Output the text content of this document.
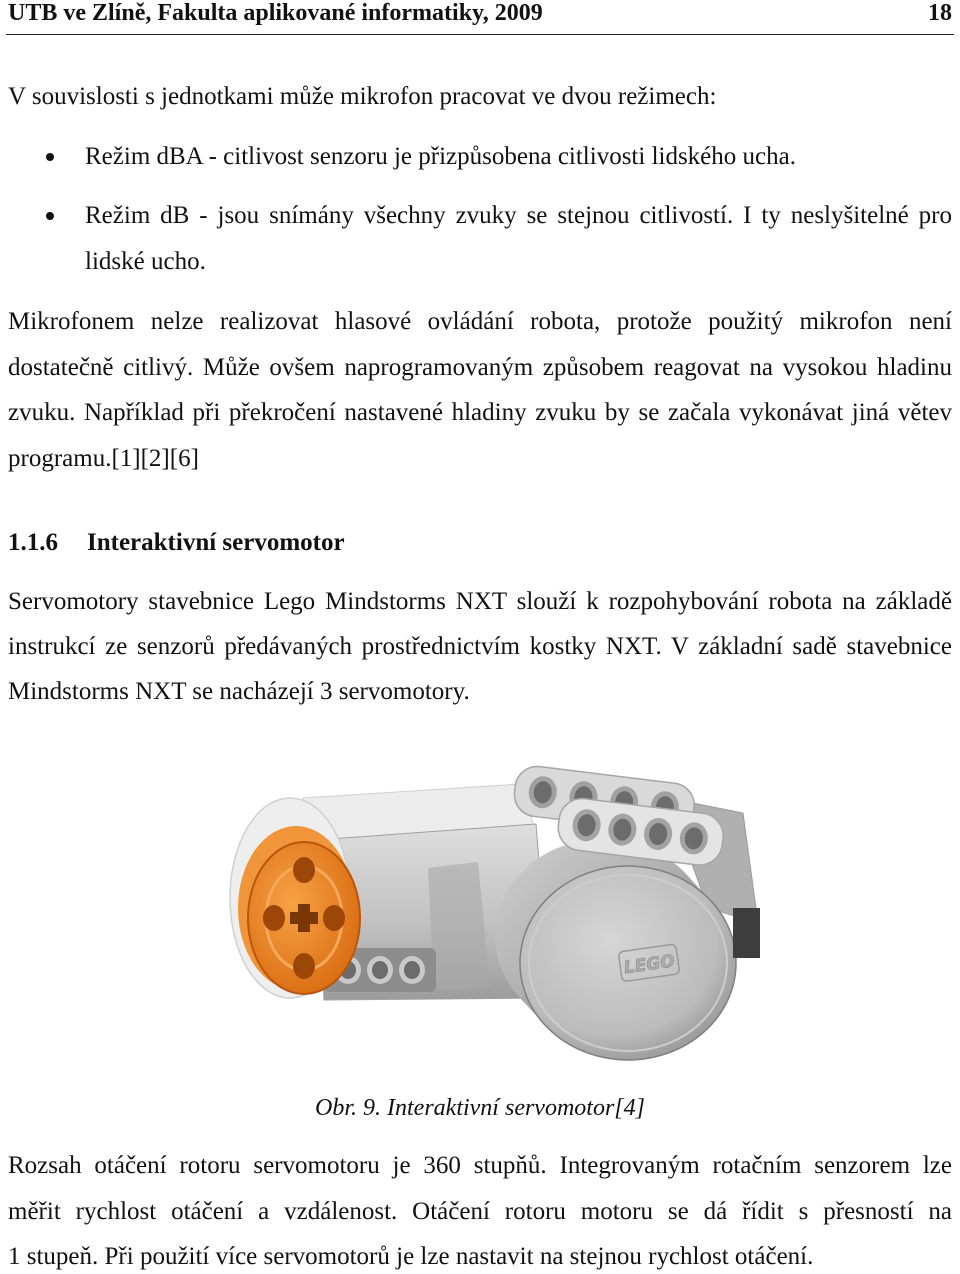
UTB ve Zlíně, Fakulta aplikované informatiky, 2009	18
V souvislosti s jednotkami může mikrofon pracovat ve dvou režimech:
Režim dBA - citlivost senzoru je přizpůsobena citlivosti lidského ucha.
Režim dB - jsou snímány všechny zvuky se stejnou citlivostí. I ty neslyšitelné pro
lidské ucho.
Mikrofonem nelze realizovat hlasové ovládání robota, protože použitý mikrofon není
dostatečně citlivý. Může ovšem naprogramovaným způsobem reagovat na vysokou hladinu
zvuku. Například při překročení nastavené hladiny zvuku by se začala vykonávat jiná větev
programu.[1][2][6]
1.1.6 Interaktivní servomotor
Servomotory stavebnice Lego Mindstorms NXT slouží k rozpohybování robota na základě
instrukcí ze senzorů předávaných prostřednictvím kostky NXT. V základní sadě stavebnice
Mindstorms NXT se nacházejí 3 servomotory.
LEGO
Obr. 9. Interaktivní servomotor[4]
Rozsah otáčení rotoru servomotoru je 360 stupňů. Integrovaným rotačním senzorem lze
měřit rychlost otáčení a vzdálenost. Otáčení rotoru motoru se dá řídit s přesností na
1 stupeň. Při použití více servomotorů je lze nastavit na stejnou rychlost otáčení.
